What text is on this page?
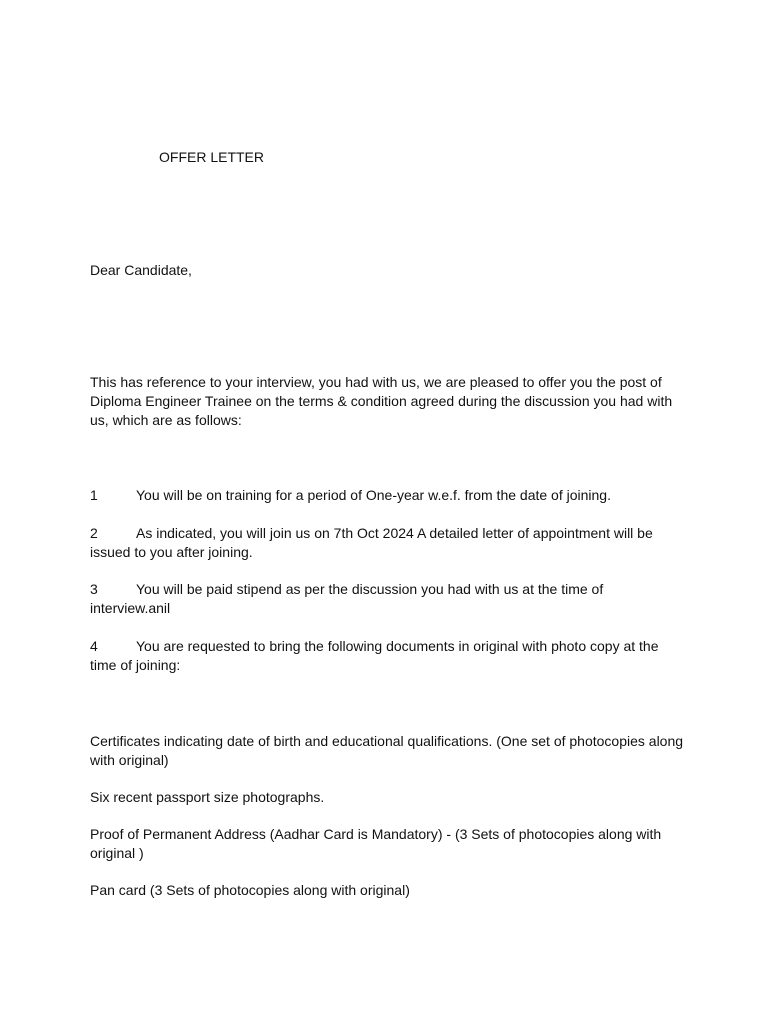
OFFER LETTER

Dear Candidate,

This has reference to your interview, you had with us, we are pleased to offer you the post of Diploma Engineer Trainee on the terms & condition agreed during the discussion you had with us, which are as follows:

1	You will be on training for a period of One-year w.e.f. from the date of joining.
2	As indicated, you will join us on 7th Oct 2024 A detailed letter of appointment will be issued to you after joining.
3	You will be paid stipend as per the discussion you had with us at the time of interview.anil
4	You are requested to bring the following documents in original with photo copy at the time of joining:

Certificates indicating date of birth and educational qualifications. (One set of photocopies along with original)

Six recent passport size photographs.

Proof of Permanent Address (Aadhar Card is Mandatory) - (3 Sets of photocopies along with original )

Pan card (3 Sets of photocopies along with original)
